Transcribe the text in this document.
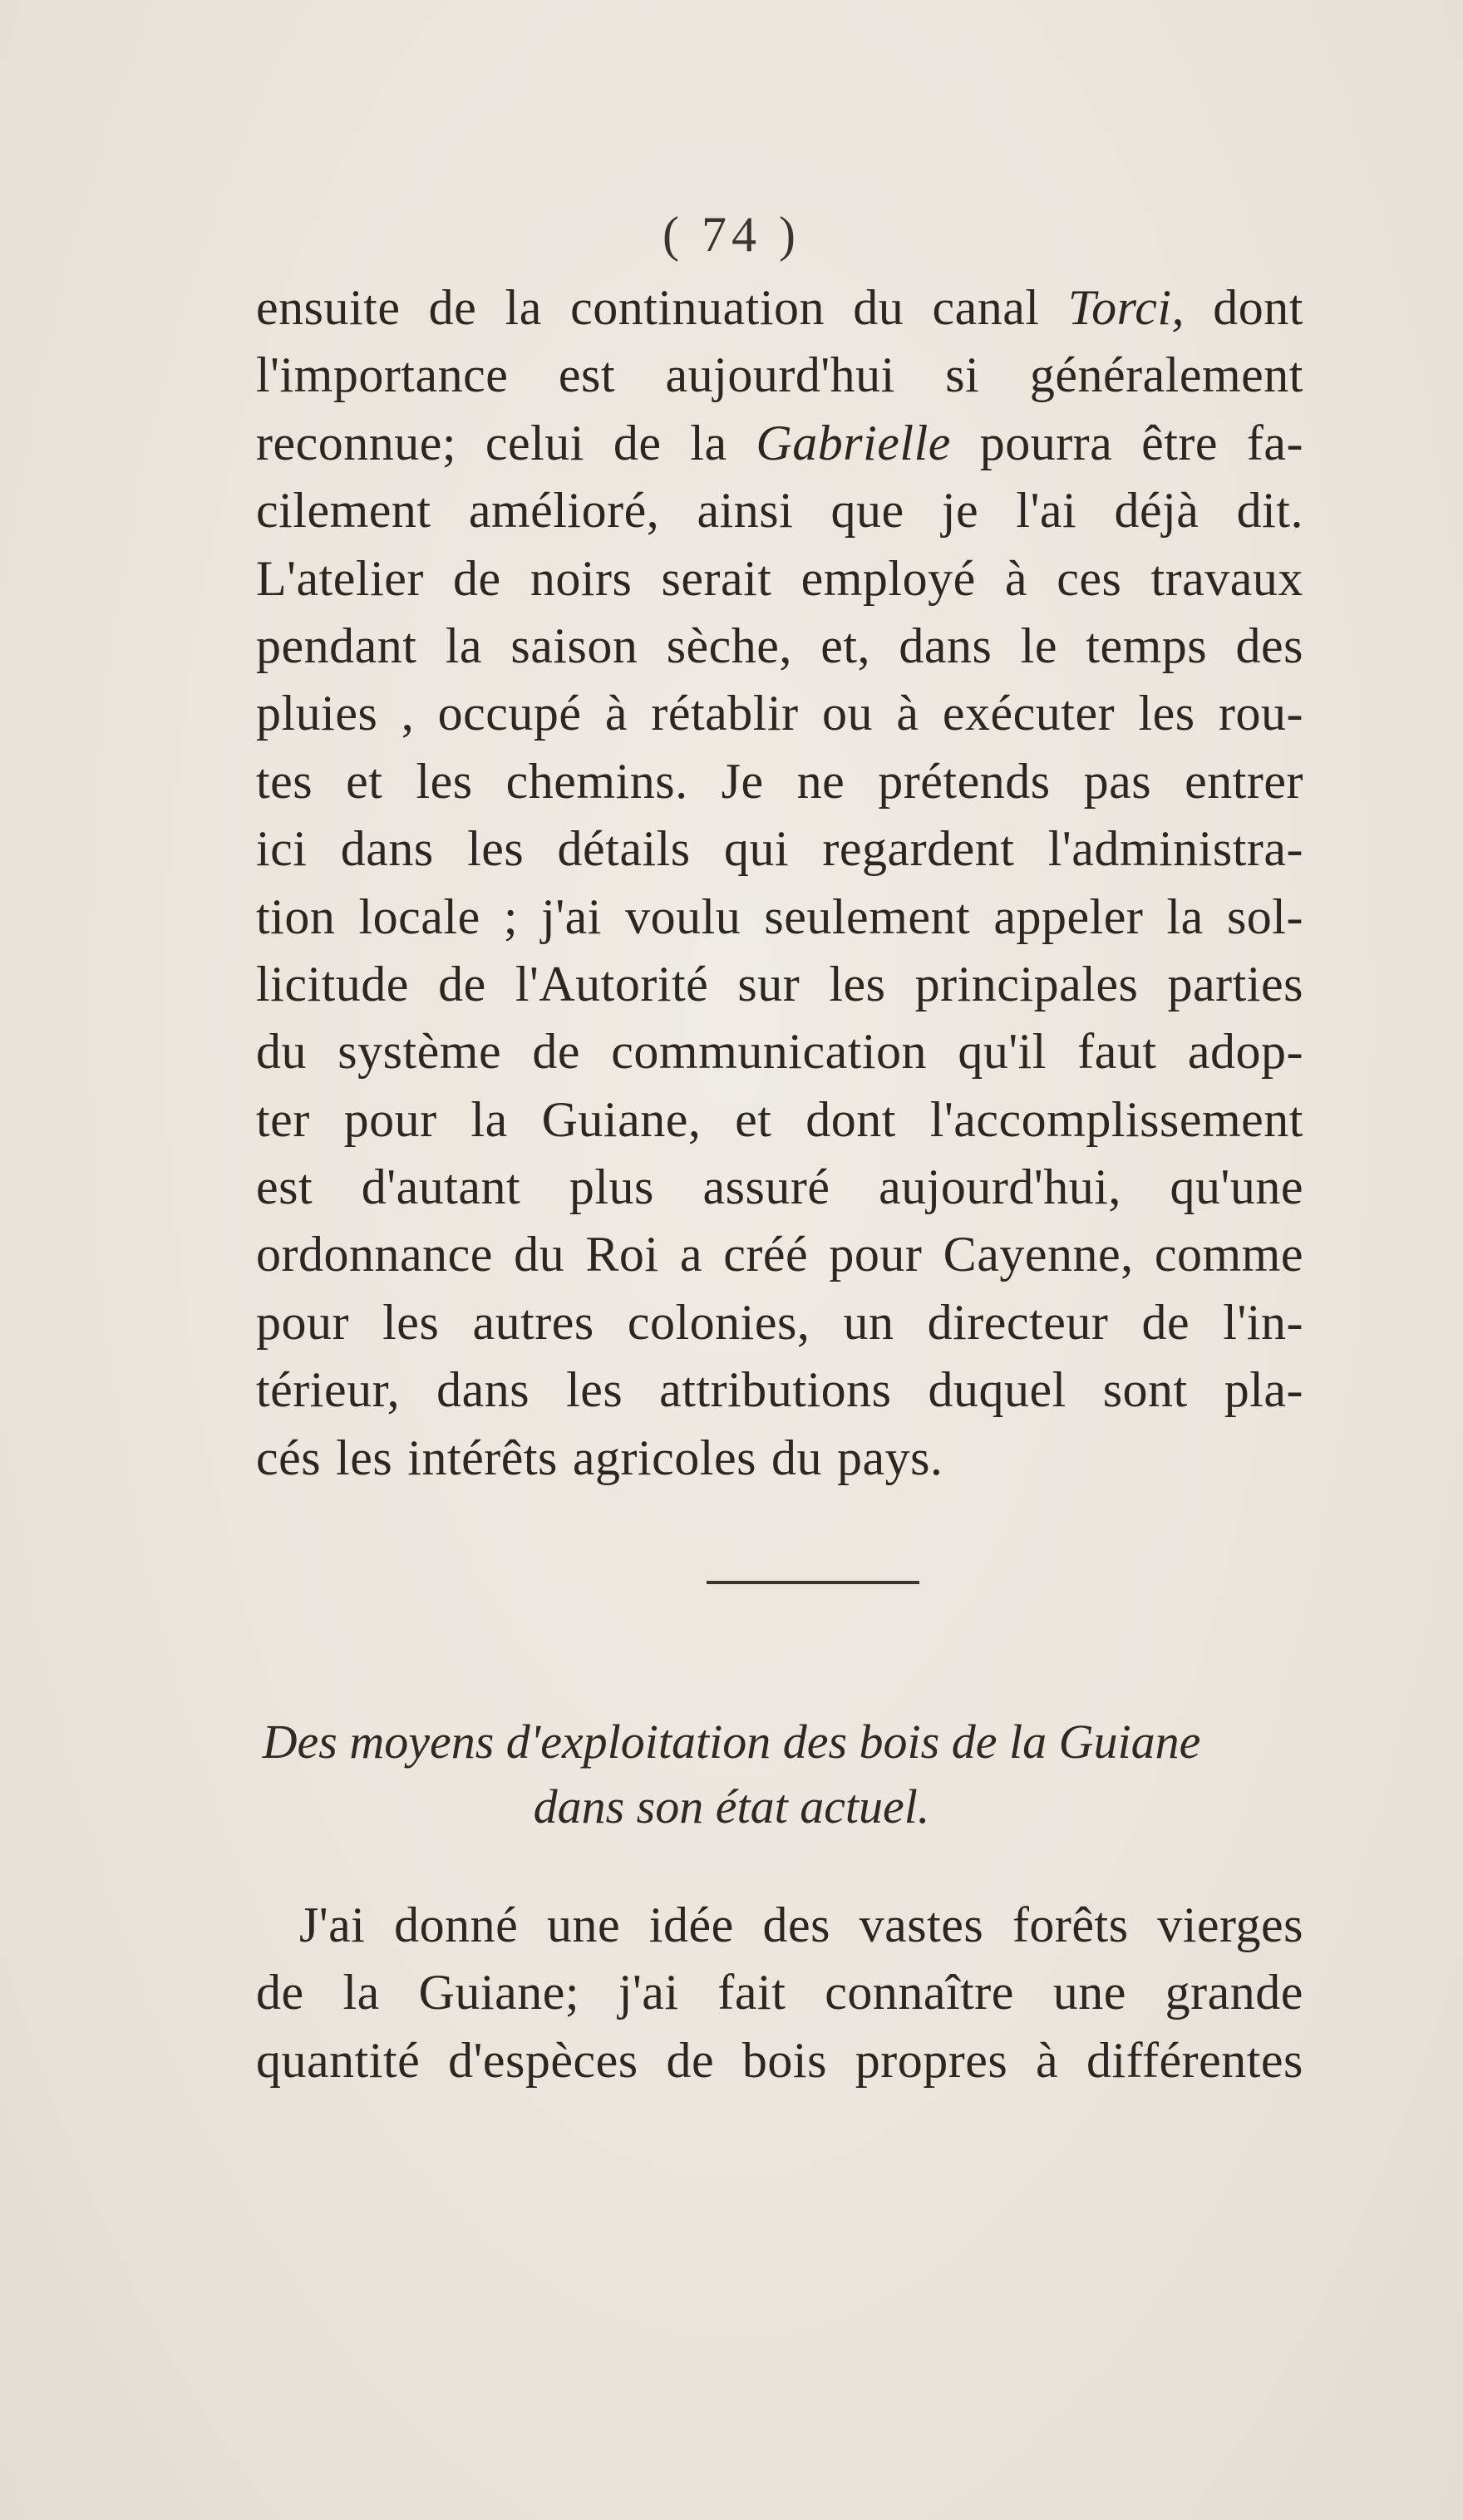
( 74 )
ensuite de la continuation du canal Torci, dont
l'importance est aujourd'hui si généralement
reconnue; celui de la Gabrielle pourra être fa-
cilement amélioré, ainsi que je l'ai déjà dit.
L'atelier de noirs serait employé à ces travaux
pendant la saison sèche, et, dans le temps des
pluies , occupé à rétablir ou à exécuter les rou-
tes et les chemins. Je ne prétends pas entrer
ici dans les détails qui regardent l'administra-
tion locale ; j'ai voulu seulement appeler la sol-
licitude de l'Autorité sur les principales parties
du système de communication qu'il faut adop-
ter pour la Guiane, et dont l'accomplissement
est d'autant plus assuré aujourd'hui, qu'une
ordonnance du Roi a créé pour Cayenne, comme
pour les autres colonies, un directeur de l'in-
térieur, dans les attributions duquel sont pla-
cés les intérêts agricoles du pays.
Des moyens d'exploitation des bois de la Guiane
dans son état actuel.
J'ai donné une idée des vastes forêts vierges
de la Guiane; j'ai fait connaître une grande
quantité d'espèces de bois propres à différentes
